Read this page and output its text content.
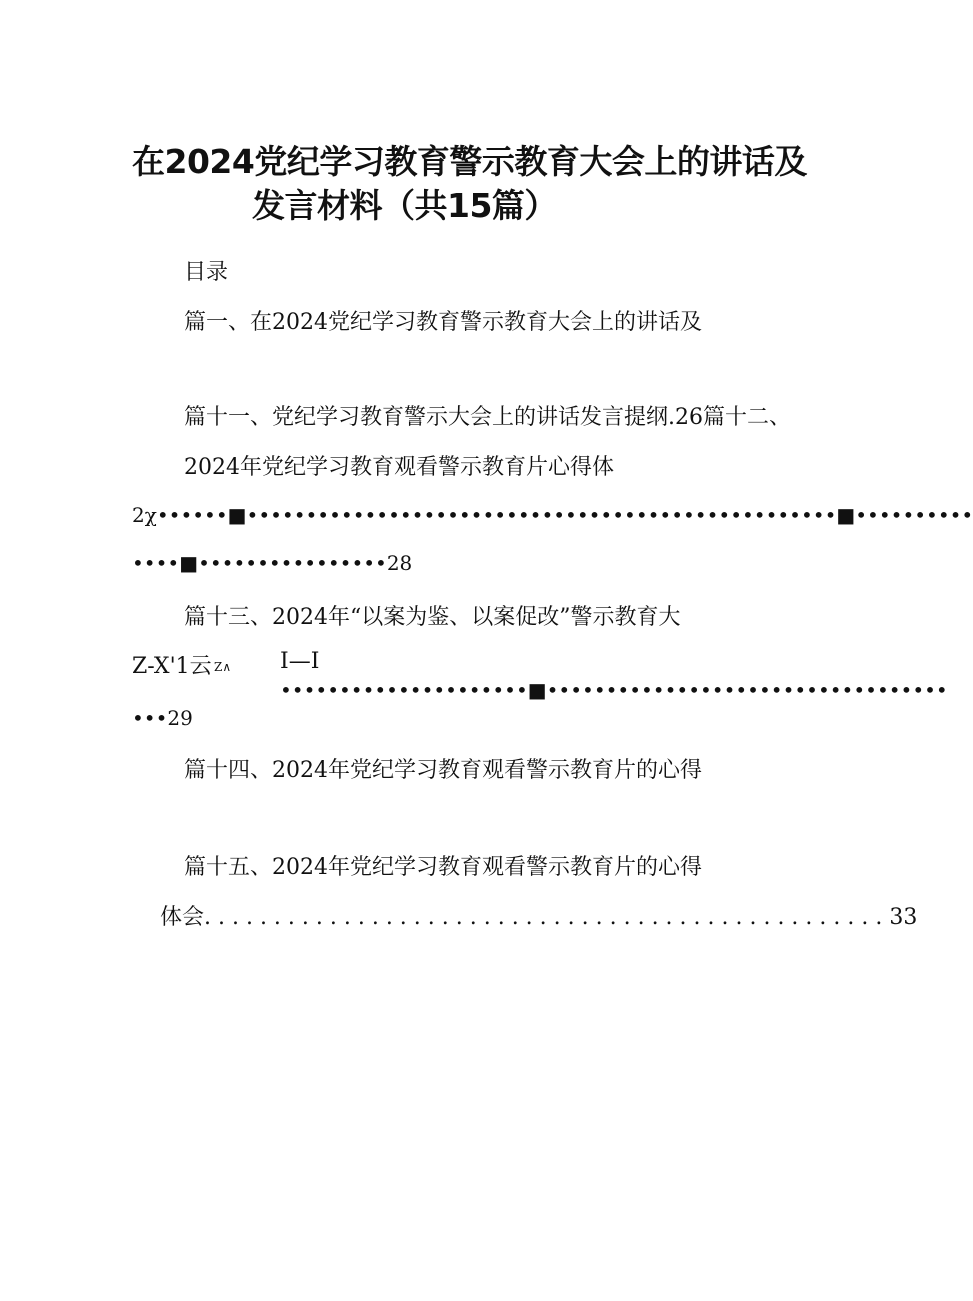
在2024党纪学习教育警示教育大会上的讲话及
发言材料（共15篇）
目录
篇一、在2024党纪学习教育警示教育大会上的讲话及
篇十一、党纪学习教育警示大会上的讲话发言提纲.26篇十二、
2024年党纪学习教育观看警示教育片心得体
2χ••••••■••••••••••••••••••••••••••••••••••••••••••••••••••■••••••••••
••••■••••••••••••••••28
篇十三、2024年“以案为鉴、以案促改”警示教育大
Z-X'1云 Z∧ I—I
•••••••••••••••••••••■••••••••••••••••••••••••••••••••••
•••29
篇十四、2024年党纪学习教育观看警示教育片的心得
篇十五、2024年党纪学习教育观看警示教育片的心得
体会. . . . . . . . . . . . . . . . . . . . . . . . . . . . . . . . . . . . . . . . . . . . . . . . . 33
